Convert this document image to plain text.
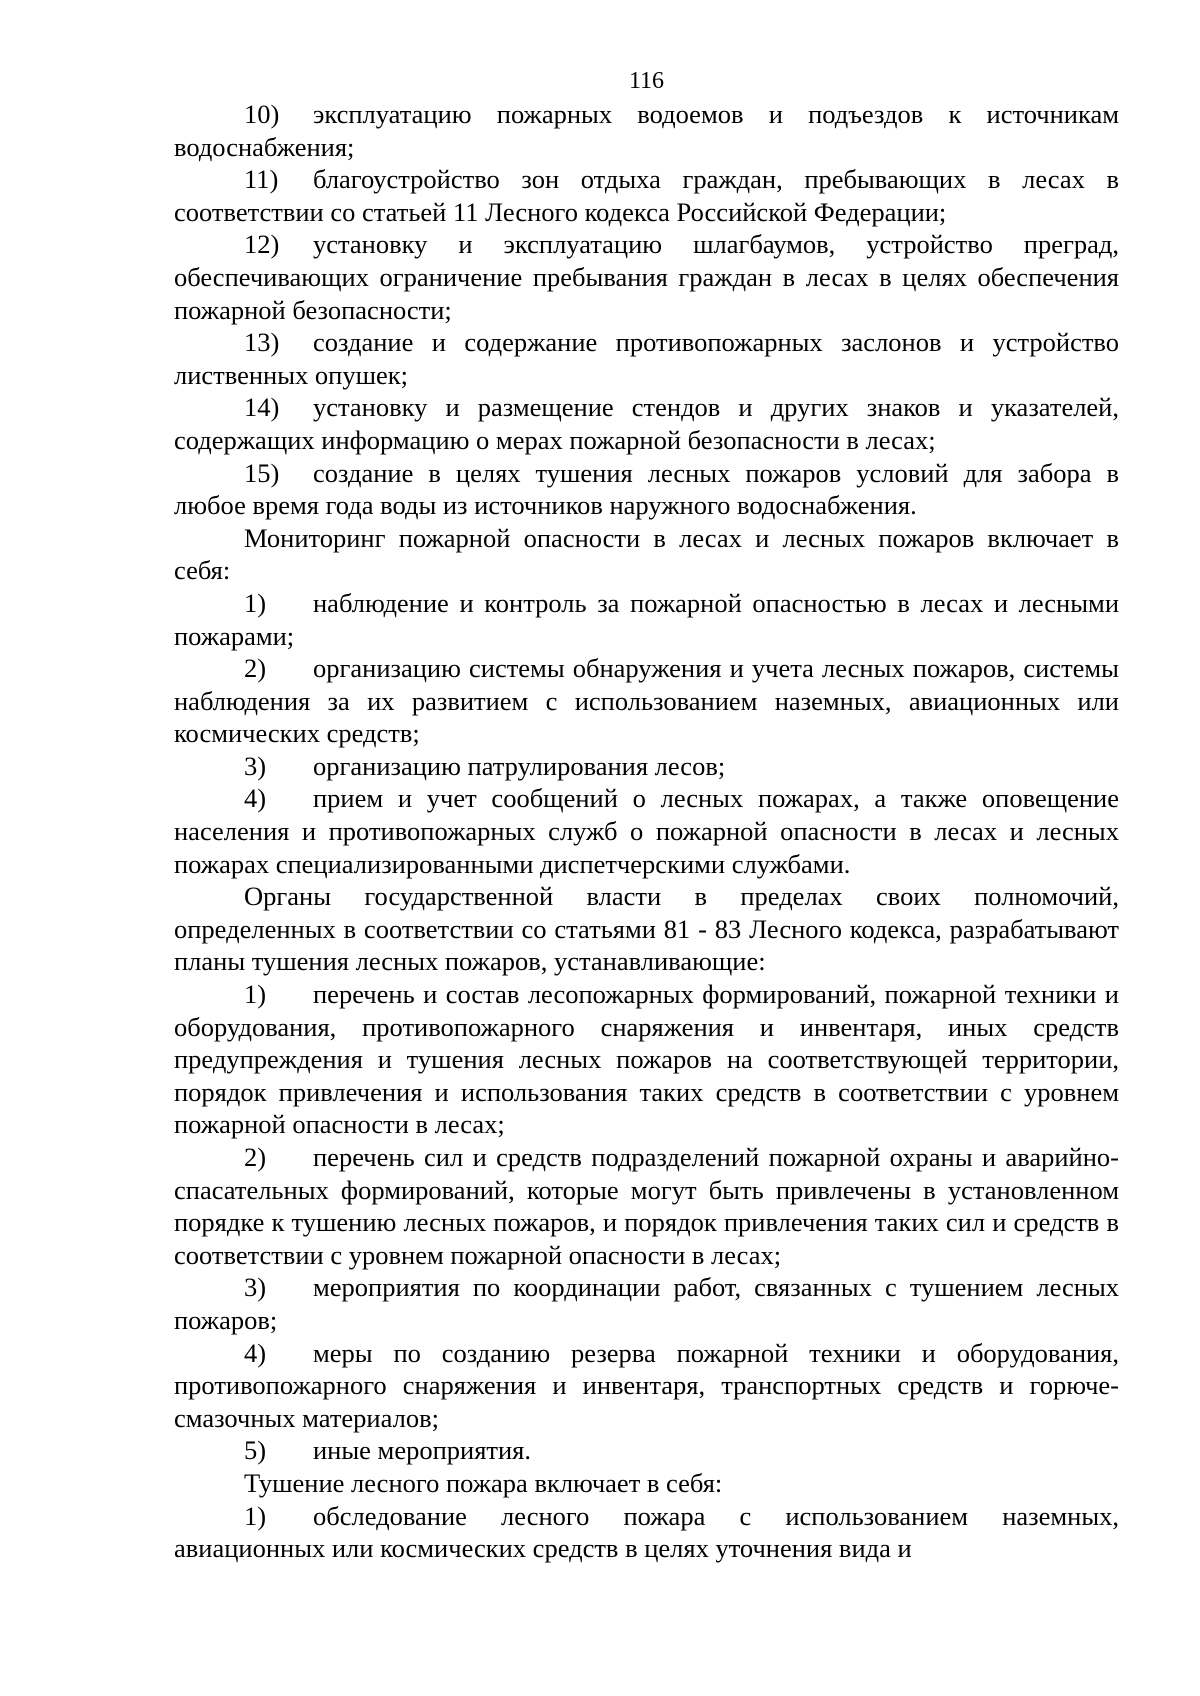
116

10) эксплуатацию пожарных водоемов и подъездов к источникам водоснабжения;

11) благоустройство зон отдыха граждан, пребывающих в лесах в соответствии со статьей 11 Лесного кодекса Российской Федерации;

12) установку и эксплуатацию шлагбаумов, устройство преград, обеспечивающих ограничение пребывания граждан в лесах в целях обеспечения пожарной безопасности;

13) создание и содержание противопожарных заслонов и устройство лиственных опушек;

14) установку и размещение стендов и других знаков и указателей, содержащих информацию о мерах пожарной безопасности в лесах;

15) создание в целях тушения лесных пожаров условий для забора в любое время года воды из источников наружного водоснабжения.

Мониторинг пожарной опасности в лесах и лесных пожаров включает в себя:

1) наблюдение и контроль за пожарной опасностью в лесах и лесными пожарами;

2) организацию системы обнаружения и учета лесных пожаров, системы наблюдения за их развитием с использованием наземных, авиационных или космических средств;

3) организацию патрулирования лесов;

4) прием и учет сообщений о лесных пожарах, а также оповещение населения и противопожарных служб о пожарной опасности в лесах и лесных пожарах специализированными диспетчерскими службами.

Органы государственной власти в пределах своих полномочий, определенных в соответствии со статьями 81 - 83 Лесного кодекса, разрабатывают планы тушения лесных пожаров, устанавливающие:

1) перечень и состав лесопожарных формирований, пожарной техники и оборудования, противопожарного снаряжения и инвентаря, иных средств предупреждения и тушения лесных пожаров на соответствующей территории, порядок привлечения и использования таких средств в соответствии с уровнем пожарной опасности в лесах;

2) перечень сил и средств подразделений пожарной охраны и аварийно-спасательных формирований, которые могут быть привлечены в установленном порядке к тушению лесных пожаров, и порядок привлечения таких сил и средств в соответствии с уровнем пожарной опасности в лесах;

3) мероприятия по координации работ, связанных с тушением лесных пожаров;

4) меры по созданию резерва пожарной техники и оборудования, противопожарного снаряжения и инвентаря, транспортных средств и горюче-смазочных материалов;

5) иные мероприятия.

Тушение лесного пожара включает в себя:

1) обследование лесного пожара с использованием наземных, авиационных или космических средств в целях уточнения вида и
